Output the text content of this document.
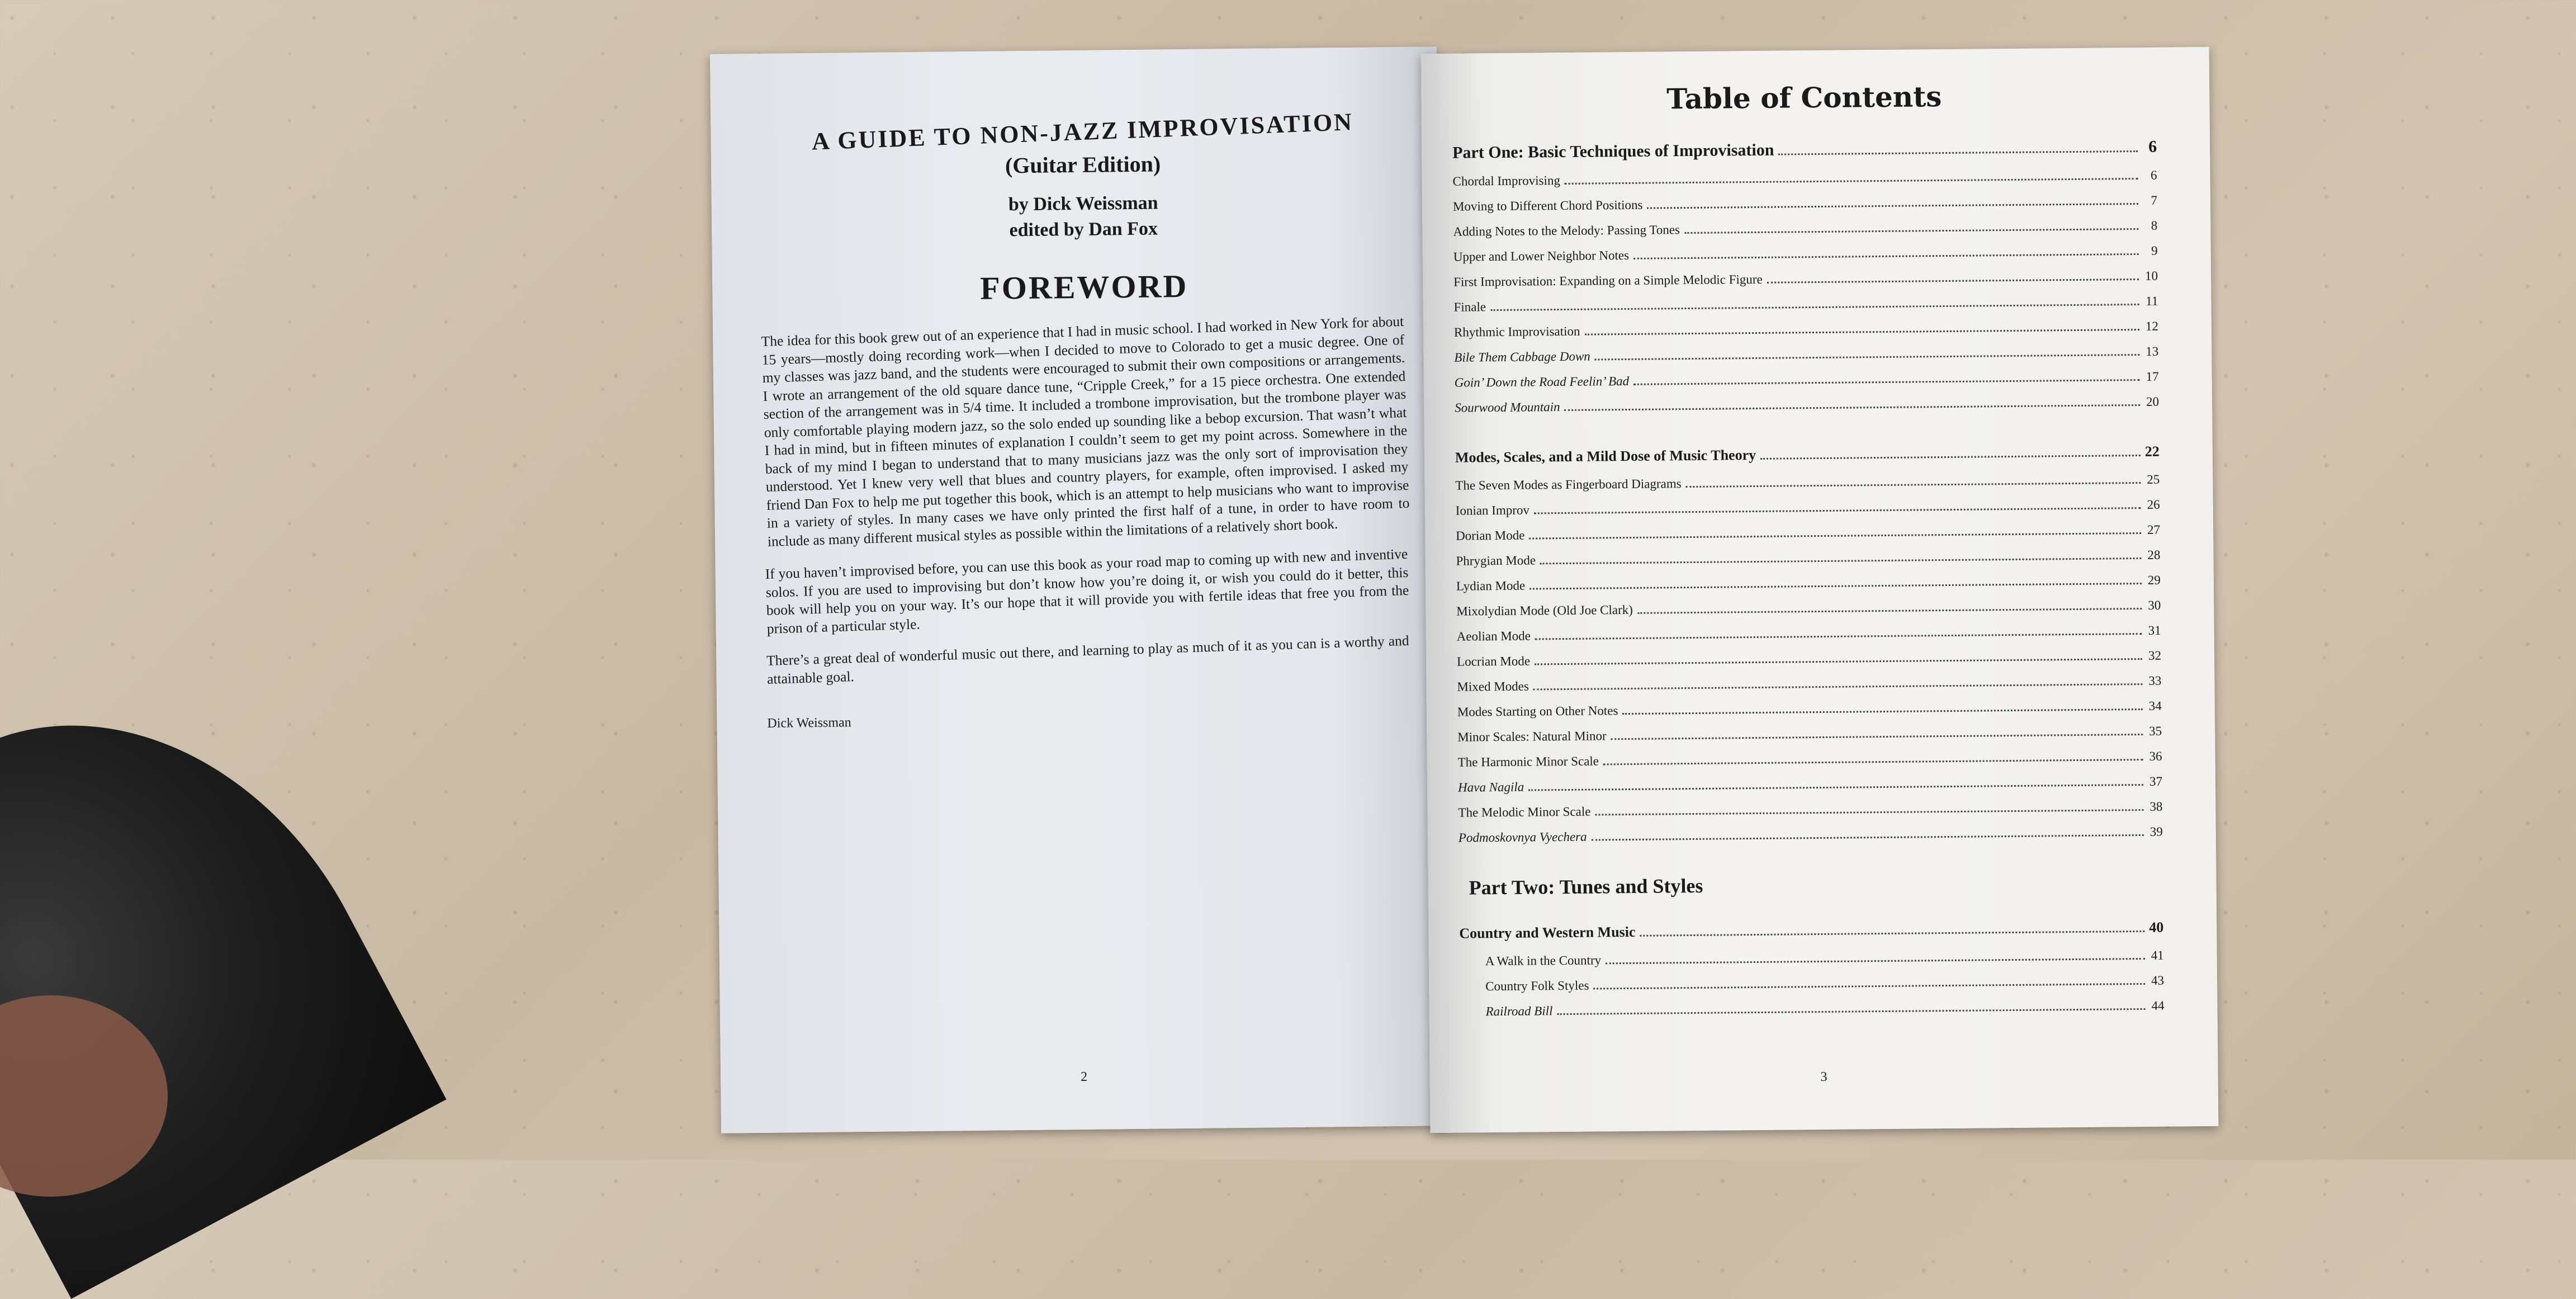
A GUIDE TO NON-JAZZ IMPROVISATION
(Guitar Edition)
by Dick Weissman
edited by Dan Fox
FOREWORD

The idea for this book grew out of an experience that I had in music school. I had worked in New York for about 15 years—mostly doing recording work—when I decided to move to Colorado to get a music degree. One of my classes was jazz band, and the students were encouraged to submit their own compositions or arrangements. I wrote an arrangement of the old square dance tune, “Cripple Creek,” for a 15 piece orchestra. One extended section of the arrangement was in 5/4 time. It included a trombone improvisation, but the trombone player was only comfortable playing modern jazz, so the solo ended up sounding like a bebop excursion. That wasn’t what I had in mind, but in fifteen minutes of explanation I couldn’t seem to get my point across. Somewhere in the back of my mind I began to understand that to many musicians jazz was the only sort of improvisation they understood. Yet I knew very well that blues and country players, for example, often improvised. I asked my friend Dan Fox to help me put together this book, which is an attempt to help musicians who want to improvise in a variety of styles. In many cases we have only printed the first half of a tune, in order to have room to include as many different musical styles as possible within the limitations of a relatively short book.

If you haven’t improvised before, you can use this book as your road map to coming up with new and inventive solos. If you are used to improvising but don’t know how you’re doing it, or wish you could do it better, this book will help you on your way. It’s our hope that it will provide you with fertile ideas that free you from the prison of a particular style.

There’s a great deal of wonderful music out there, and learning to play as much of it as you can is a worthy and attainable goal.

Dick Weissman
2
Table of Contents
Part One: Basic Techniques of Improvisation	6
Chordal Improvising	6
Moving to Different Chord Positions	7
Adding Notes to the Melody: Passing Tones	8
Upper and Lower Neighbor Notes	9
First Improvisation: Expanding on a Simple Melodic Figure	10
Finale	11
Rhythmic Improvisation	12
Bile Them Cabbage Down	13
Goin’ Down the Road Feelin’ Bad	17
Sourwood Mountain	20
Modes, Scales, and a Mild Dose of Music Theory	22
The Seven Modes as Fingerboard Diagrams	25
Ionian Improv	26
Dorian Mode	27
Phrygian Mode	28
Lydian Mode	29
Mixolydian Mode (Old Joe Clark)	30
Aeolian Mode	31
Locrian Mode	32
Mixed Modes	33
Modes Starting on Other Notes	34
Minor Scales: Natural Minor	35
The Harmonic Minor Scale	36
Hava Nagila	37
The Melodic Minor Scale	38
Podmoskovnya Vyechera	39
Part Two: Tunes and Styles
Country and Western Music	40
A Walk in the Country	41
Country Folk Styles	43
Railroad Bill	44
3
